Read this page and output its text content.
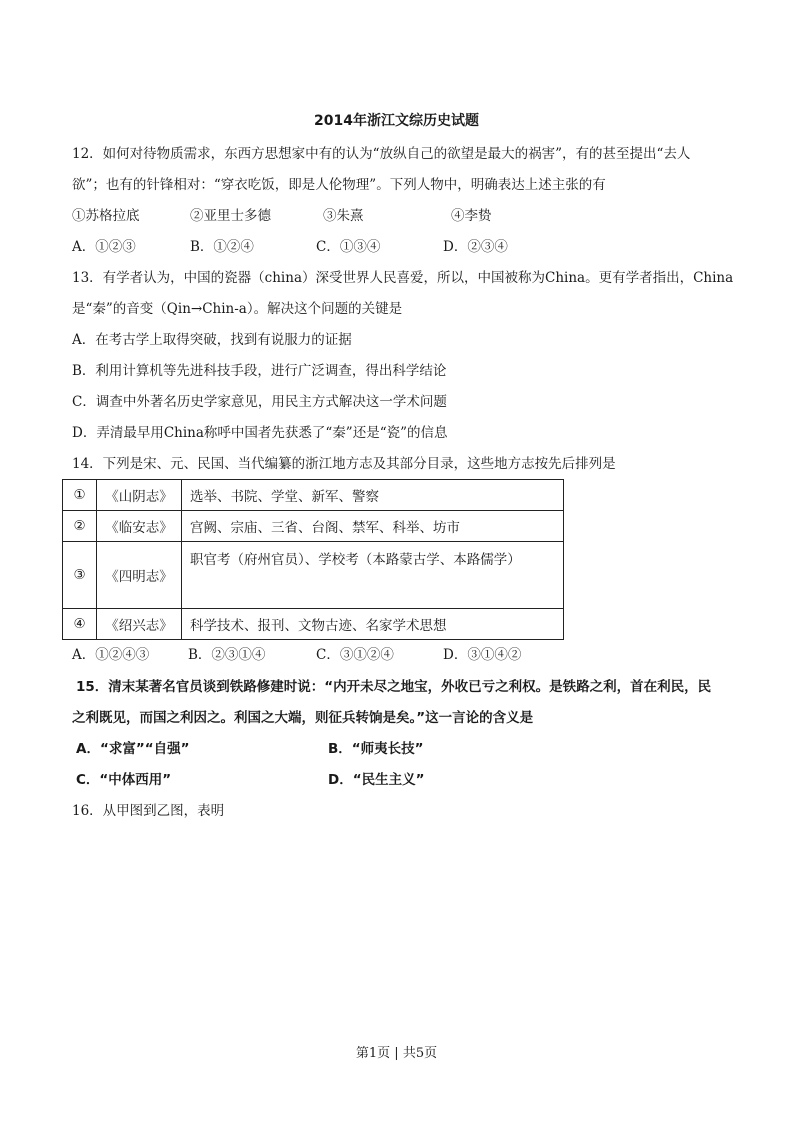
2014年浙江文综历史试题
12．如何对待物质需求，东西方思想家中有的认为“放纵自己的欲望是最大的祸害”，有的甚至提出“去人
欲”；也有的针锋相对：“穿衣吃饭，即是人伦物理”。下列人物中，明确表达上述主张的有
①苏格拉底	②亚里士多德	③朱熹	④李贽
A．①②③	B．①②④	C．①③④	D．②③④
13．有学者认为，中国的瓷器（china）深受世界人民喜爱，所以，中国被称为China。更有学者指出，China
是“秦”的音变（Qin→Chin-a）。解决这个问题的关键是
A．在考古学上取得突破，找到有说服力的证据
B．利用计算机等先进科技手段，进行广泛调查，得出科学结论
C．调查中外著名历史学家意见，用民主方式解决这一学术问题
D．弄清最早用China称呼中国者先获悉了“秦”还是“瓷”的信息
14．下列是宋、元、民国、当代编纂的浙江地方志及其部分目录，这些地方志按先后排列是
①	《山阴志》	选举、书院、学堂、新军、警察
②	《临安志》	宫阙、宗庙、三省、台阁、禁军、科举、坊市
③	《四明志》	职官考（府州官员）、学校考（本路蒙古学、本路儒学）
④	《绍兴志》	科学技术、报刊、文物古迹、名家学术思想
A．①②④③	B．②③①④	C．③①②④	D．③①④②
15．清末某著名官员谈到铁路修建时说：“内开未尽之地宝，外收已亏之利权。是铁路之利，首在利民，民
之利既见，而国之利因之。利国之大端，则征兵转饷是矣。”这一言论的含义是
A．“求富”“自强”	B．“师夷长技”
C．“中体西用”	D．“民生主义”
16．从甲图到乙图，表明
第1页 | 共5页
